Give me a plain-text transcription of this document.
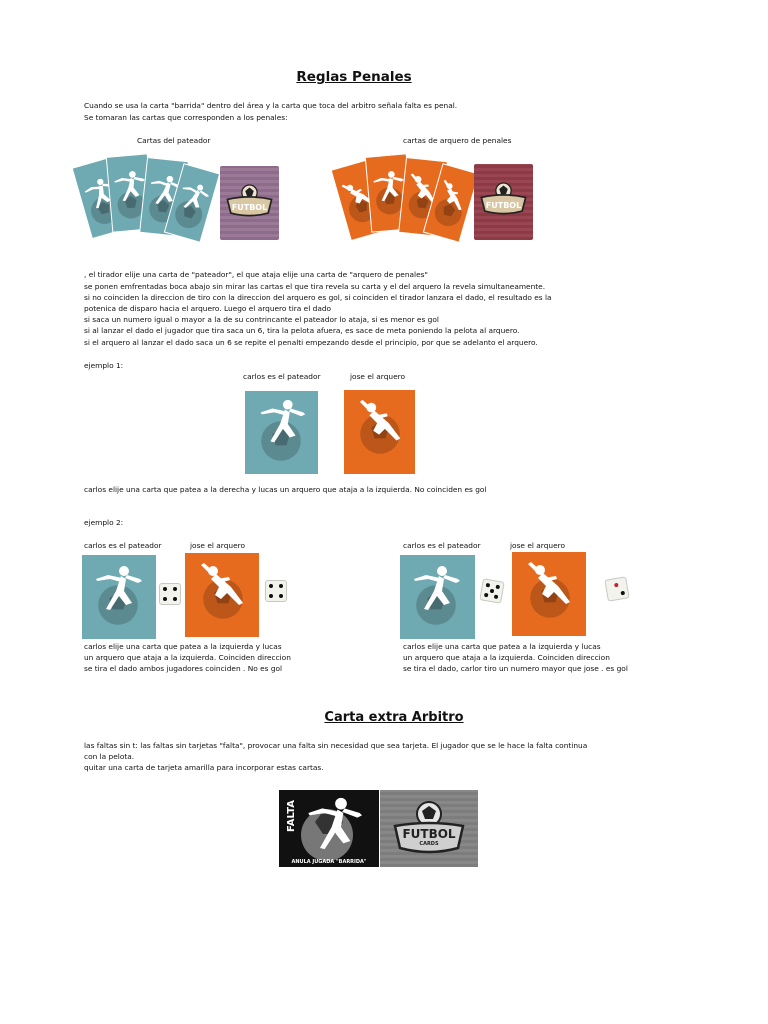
Reglas Penales
Cuando se usa la carta "barrida" dentro del área y la carta que toca del arbitro señala falta es penal.
Se tomaran las cartas que corresponden a los penales:
Cartas del pateador	cartas de arquero de penales
FUTBOL	FUTBOL
, el tirador elije una carta de "pateador", el que ataja elije una carta de "arquero de penales"
se ponen emfrentadas boca abajo sin mirar las cartas el que tira revela su carta y el del arquero la revela simultaneamente.
si no coinciden la direccion de tiro con la direccion del arquero es gol, si coinciden el tirador lanzara el dado, el resultado es la
potenica de disparo hacia el arquero. Luego el arquero tira el dado
si saca un numero igual o mayor a la de su contrincante el pateador lo ataja, si es menor es gol
si al lanzar el dado el jugador que tira saca un 6, tira la pelota afuera, es sace de meta poniendo la pelota al arquero.
si el arquero al lanzar el dado saca un 6 se repite el penalti empezando desde el principio, por que se adelanto el arquero.
ejemplo 1:
carlos es el pateador	jose el arquero
carlos elije una carta que patea a la derecha y lucas un arquero que ataja a la izquierda. No coinciden es gol
ejemplo 2:
carlos es el pateador	jose el arquero	carlos es el pateador	jose el arquero
carlos elije una carta que patea a la izquierda y lucas
un arquero que ataja a la izquierda. Coinciden direccion
se tira el dado ambos jugadores coinciden . No es gol
carlos elije una carta que patea a la izquierda y lucas
un arquero que ataja a la izquierda. Coinciden direccion
se tira el dado, carlor tiro un numero mayor que jose . es gol
Carta extra Arbitro
las faltas sin t: las faltas sin tarjetas "falta", provocar una falta sin necesidad que sea tarjeta. El jugador que se le hace la falta continua
con la pelota.
quitar una carta de tarjeta amarilla para incorporar estas cartas.
FALTA
ANULA JUGADA "BARRIDA"
FUTBOL
CARDS
